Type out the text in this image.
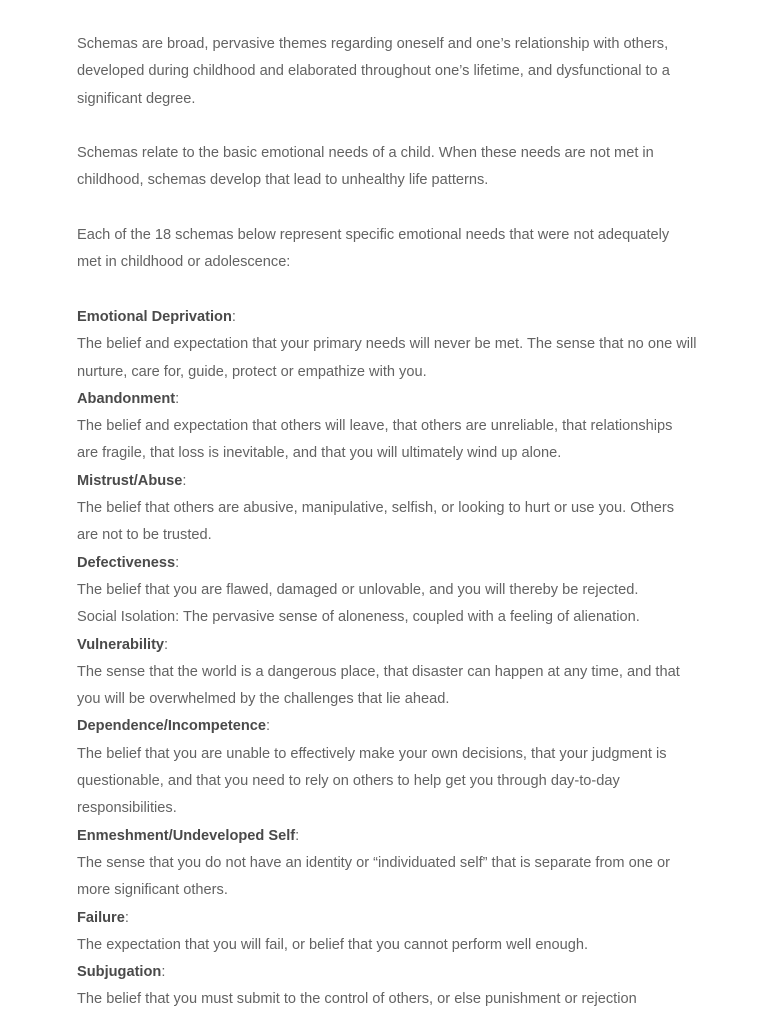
Schemas are broad, pervasive themes regarding oneself and one’s relationship with others, developed during childhood and elaborated throughout one’s lifetime, and dysfunctional to a significant degree.

Schemas relate to the basic emotional needs of a child. When these needs are not met in childhood, schemas develop that lead to unhealthy life patterns.

Each of the 18 schemas below represent specific emotional needs that were not adequately met in childhood or adolescence:

Emotional Deprivation:

The belief and expectation that your primary needs will never be met. The sense that no one will nurture, care for, guide, protect or empathize with you.

Abandonment:

The belief and expectation that others will leave, that others are unreliable, that relationships are fragile, that loss is inevitable, and that you will ultimately wind up alone.

Mistrust/Abuse:

The belief that others are abusive, manipulative, selfish, or looking to hurt or use you. Others are not to be trusted.

Defectiveness:

The belief that you are flawed, damaged or unlovable, and you will thereby be rejected.

Social Isolation: The pervasive sense of aloneness, coupled with a feeling of alienation.

Vulnerability:

The sense that the world is a dangerous place, that disaster can happen at any time, and that you will be overwhelmed by the challenges that lie ahead.

Dependence/Incompetence:

The belief that you are unable to effectively make your own decisions, that your judgment is questionable, and that you need to rely on others to help get you through day-to-day responsibilities.

Enmeshment/Undeveloped Self:

The sense that you do not have an identity or “individuated self” that is separate from one or more significant others.

Failure:

The expectation that you will fail, or belief that you cannot perform well enough.

Subjugation:

The belief that you must submit to the control of others, or else punishment or rejection
